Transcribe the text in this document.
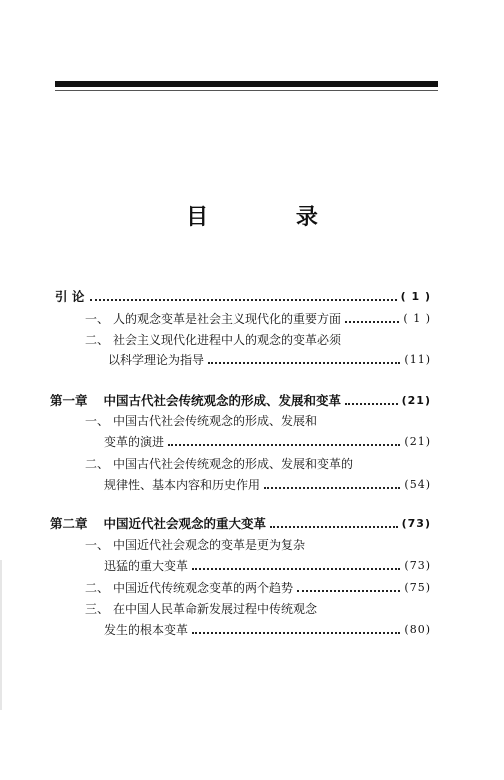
目 录
引 论	( 1 )
一、 人的观念变革是社会主义现代化的重要方面	( 1 )
二、 社会主义现代化进程中人的观念的变革必须
以科学理论为指导	(11)
第一章 中国古代社会传统观念的形成、发展和变革	(21)
一、 中国古代社会传统观念的形成、发展和
变革的演进	(21)
二、 中国古代社会传统观念的形成、发展和变革的
规律性、基本内容和历史作用	(54)
第二章 中国近代社会观念的重大变革	(73)
一、 中国近代社会观念的变革是更为复杂
迅猛的重大变革	(73)
二、 中国近代传统观念变革的两个趋势	(75)
三、 在中国人民革命新发展过程中传统观念
发生的根本变革	(80)
